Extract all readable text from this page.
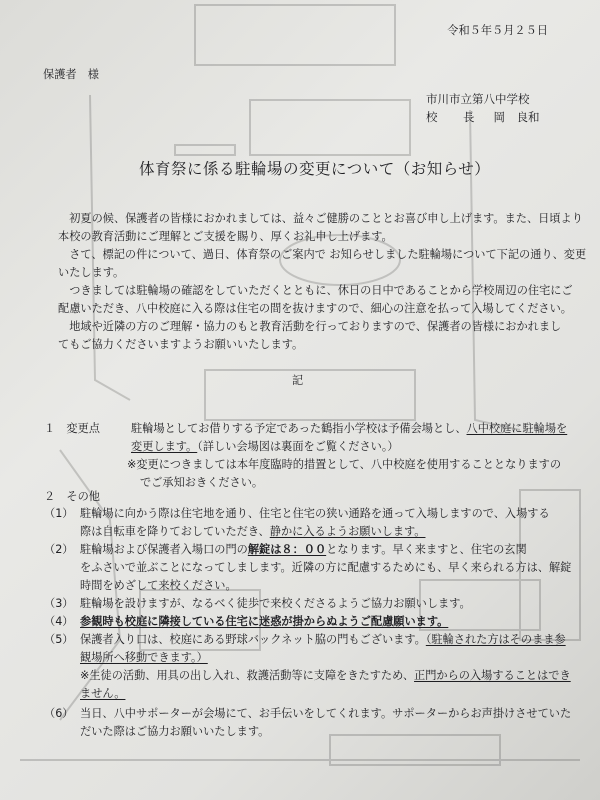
令和５年５月２５日
保護者　様
市川市立第八中学校
校　長 岡　良和
体育祭に係る駐輪場の変更について（お知らせ）
　初夏の候、保護者の皆様におかれましては、益々ご健勝のこととお喜び申し上げます。また、日頃より
本校の教育活動にご理解とご支援を賜り、厚くお礼申し上げます。
　さて、標記の件について、過日、体育祭のご案内で お知らせしました駐輪場について下記の通り、変更
いたします。
　つきましては駐輪場の確認をしていただくとともに、休日の日中であることから学校周辺の住宅にご
配慮いただき、八中校庭に入る際は住宅の間を抜けますので、細心の注意を払って入場してください。
　地域や近隣の方のご理解・協力のもと教育活動を行っておりますので、保護者の皆様におかれまし
てもご協力くださいますようお願いいたします。
記
１　変更点	駐輪場としてお借りする予定であった鶴指小学校は予備会場とし、八中校庭に駐輪場を
変更します。（詳しい会場図は裏面をご覧ください。）
※変更につきましては本年度臨時的措置として、八中校庭を使用することとなりますの
でご承知おきください。
２　その他
（1） 駐輪場に向かう際は住宅地を通り、住宅と住宅の狭い通路を通って入場しますので、入場する
際は自転車を降りておしていただき、静かに入るようお願いします。
（2） 駐輪場および保護者入場口の門の解錠は８：００となります。早く来ますと、住宅の玄関
をふさいで並ぶことになってしまします。近隣の方に配慮するためにも、早く来られる方は、解錠
時間をめざして来校ください。
（3） 駐輪場を設けますが、なるべく徒歩で来校くださるようご協力お願いします。
（4） 参観時も校庭に隣接している住宅に迷惑が掛からぬようご配慮願います。
（5） 保護者入り口は、校庭にある野球バックネット脇の門もございます。（駐輪された方はそのまま参
観場所へ移動できます。）
※生徒の活動、用具の出し入れ、救護活動等に支障をきたすため、正門からの入場することはでき
ません。
（6） 当日、八中サポーターが会場にて、お手伝いをしてくれます。サポーターからお声掛けさせていた
だいた際はご協力お願いいたします。
